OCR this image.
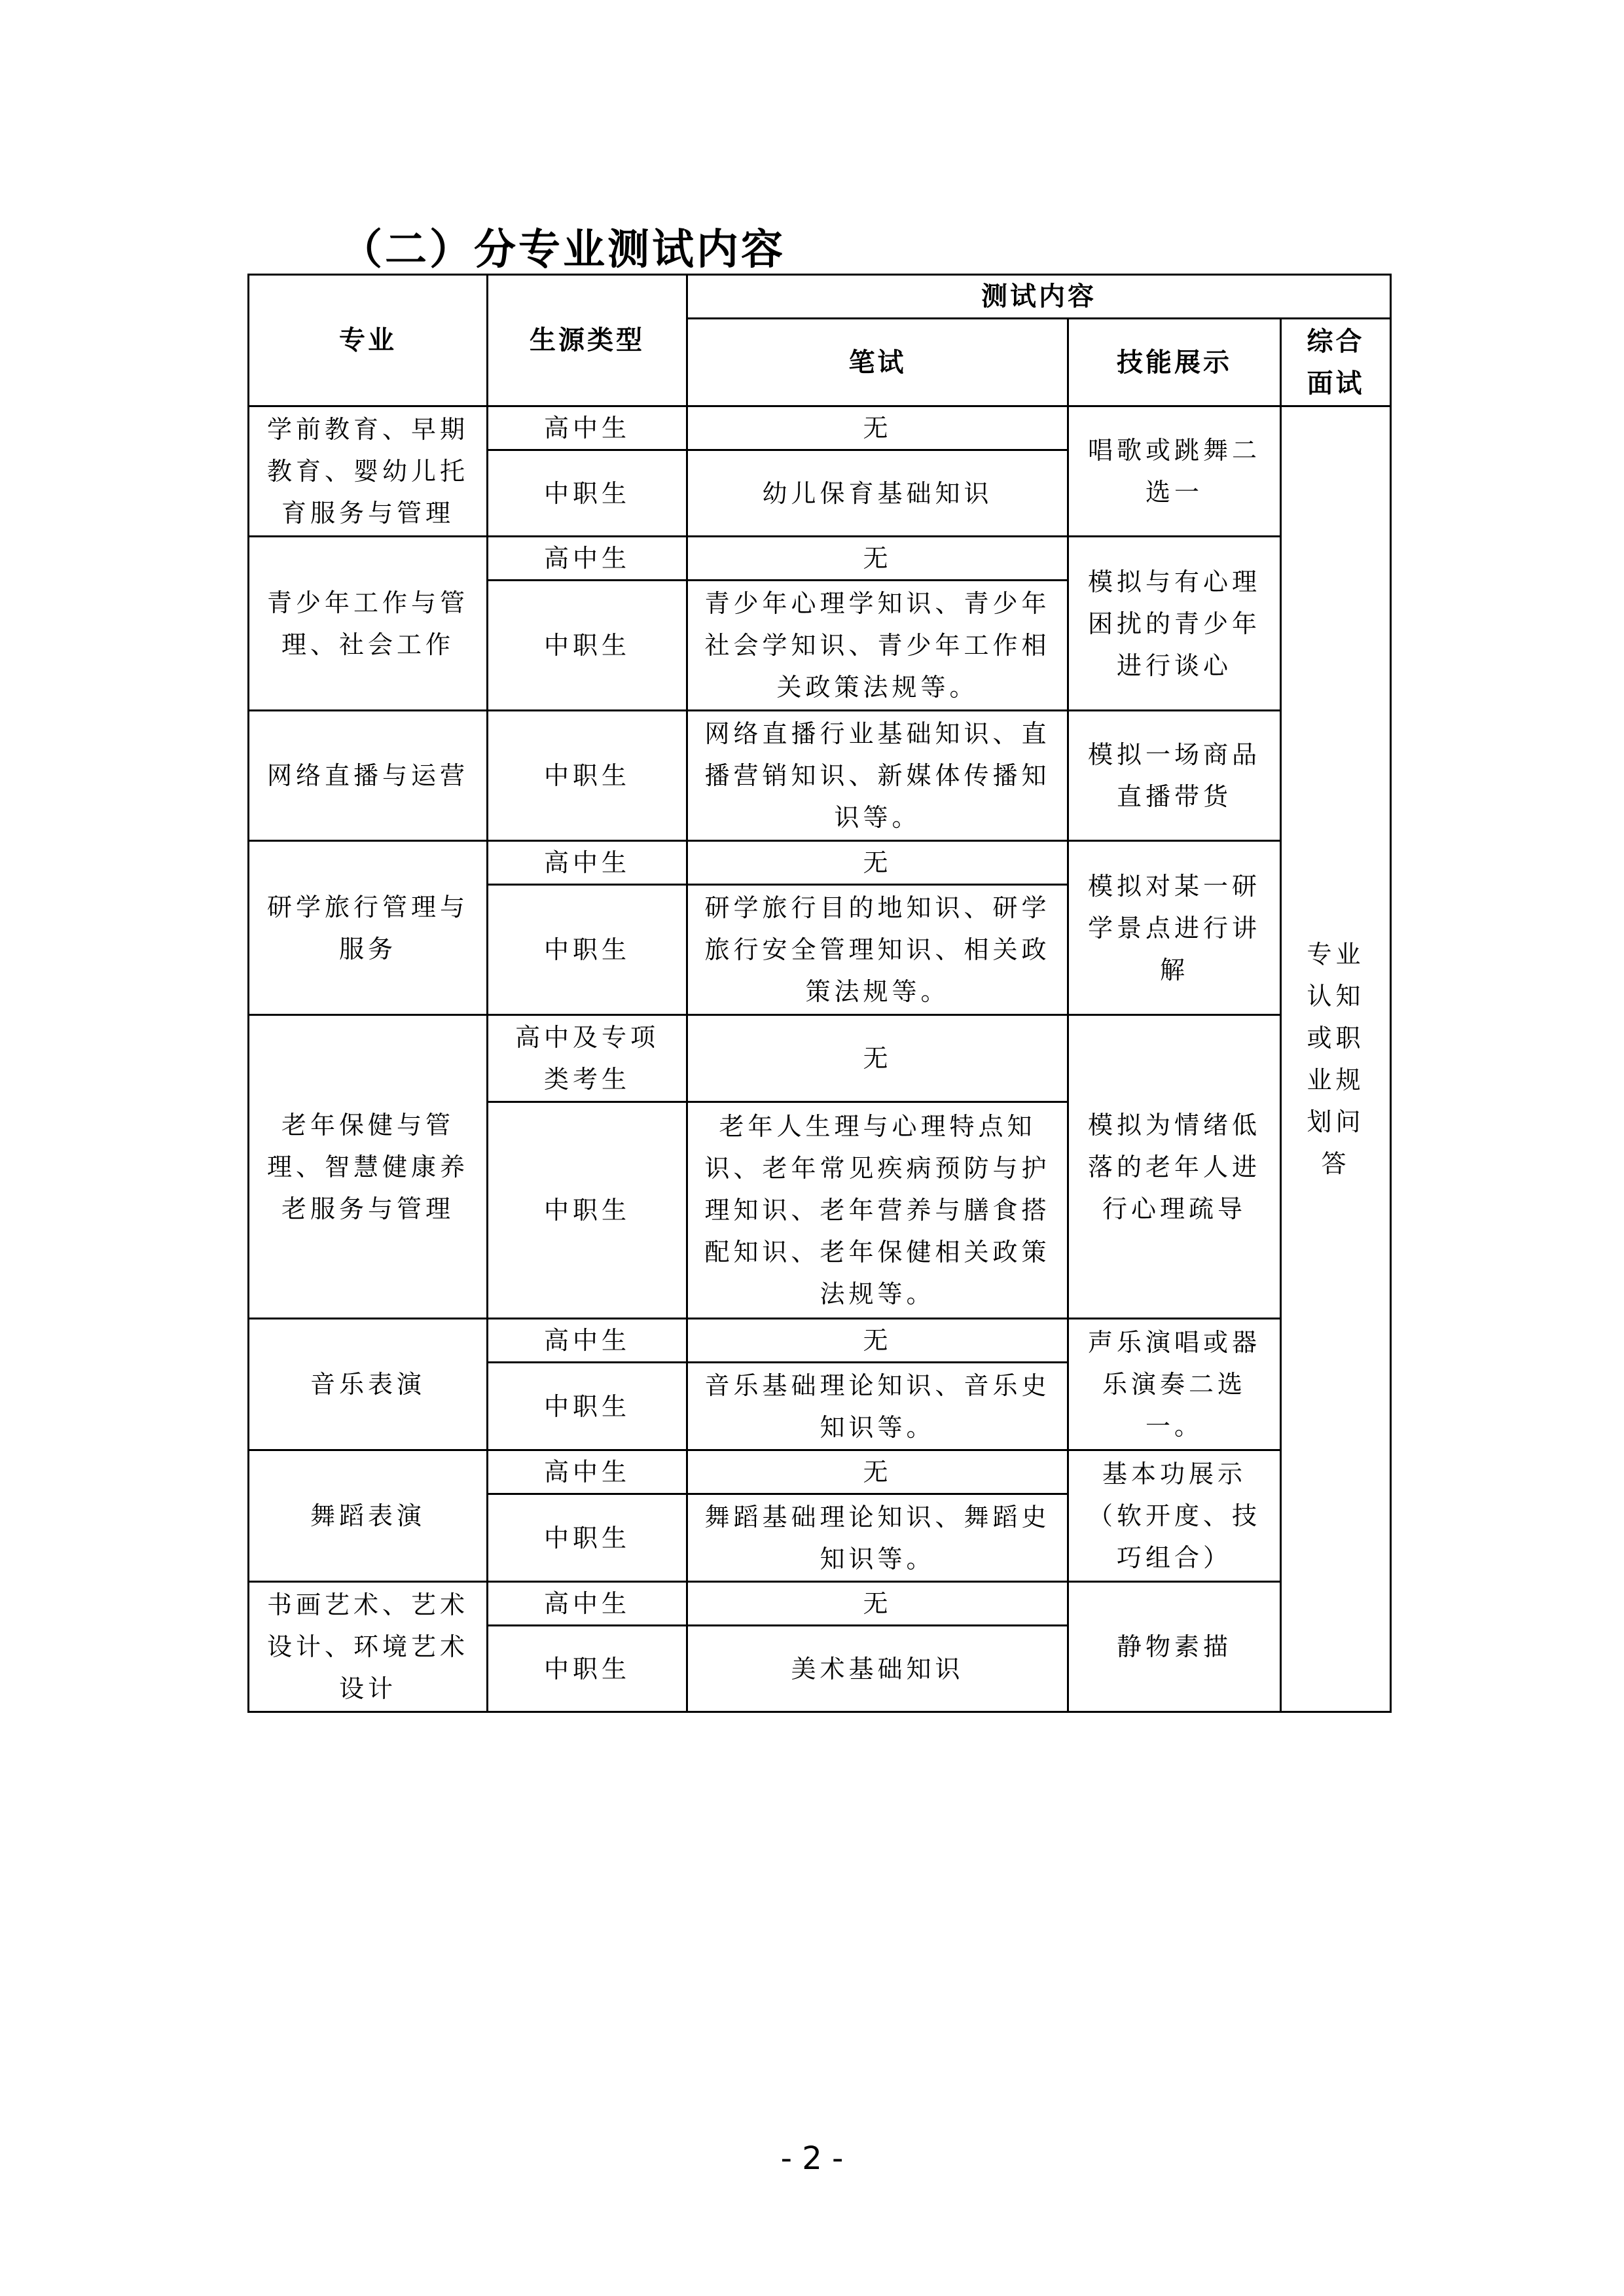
（二）分专业测试内容
专业	生源类型	测试内容		
		笔试	技能展示	综合面试
学前教育、早期教育、婴幼儿托育服务与管理	高中生	无	唱歌或跳舞二选一	专业认知或职业规划问答
	中职生	幼儿保育基础知识		
青少年工作与管理、社会工作	高中生	无	模拟与有心理困扰的青少年进行谈心	
	中职生	青少年心理学知识、青少年社会学知识、青少年工作相关政策法规等。		
网络直播与运营	中职生	网络直播行业基础知识、直播营销知识、新媒体传播知识等。	模拟一场商品直播带货	
研学旅行管理与服务	高中生	无	模拟对某一研学景点进行讲解	
	中职生	研学旅行目的地知识、研学旅行安全管理知识、相关政策法规等。		
老年保健与管理、智慧健康养老服务与管理	高中及专项类考生	无	模拟为情绪低落的老年人进行心理疏导	
	中职生	老年人生理与心理特点知识、老年常见疾病预防与护理知识、老年营养与膳食搭配知识、老年保健相关政策法规等。		
音乐表演	高中生	无	声乐演唱或器乐演奏二选一。	
	中职生	音乐基础理论知识、音乐史知识等。		
舞蹈表演	高中生	无	基本功展示（软开度、技巧组合）	
	中职生	舞蹈基础理论知识、舞蹈史知识等。		
书画艺术、艺术设计、环境艺术设计	高中生	无	静物素描	
	中职生	美术基础知识		
- 2 -
